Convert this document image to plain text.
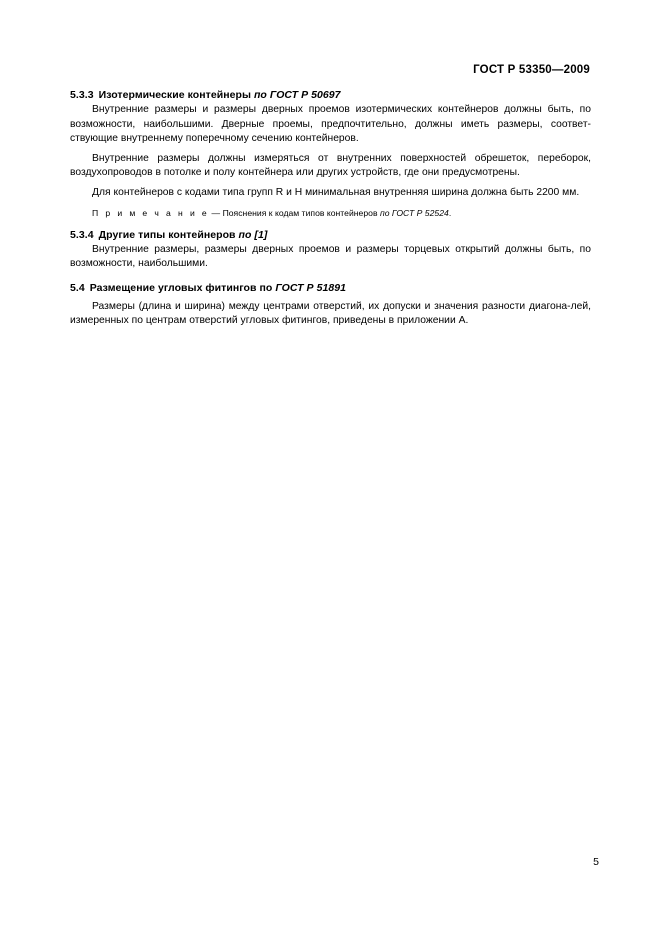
ГОСТ Р 53350—2009
5.3.3 Изотермические контейнеры по ГОСТ Р 50697

Внутренние размеры и размеры дверных проемов изотермических контейнеров должны быть, по возможности, наибольшими. Дверные проемы, предпочтительно, должны иметь размеры, соответ-ствующие внутреннему поперечному сечению контейнеров.

Внутренние размеры должны измеряться от внутренних поверхностей обрешеток, переборок, воздухопроводов в потолке и полу контейнера или других устройств, где они предусмотрены.

Для контейнеров с кодами типа групп R и Н минимальная внутренняя ширина должна быть 2200 мм.

П р и м е ч а н и е — Пояснения к кодам типов контейнеров по ГОСТ Р 52524.

5.3.4 Другие типы контейнеров по [1]

Внутренние размеры, размеры дверных проемов и размеры торцевых открытий должны быть, по возможности, наибольшими.

5.4 Размещение угловых фитингов по ГОСТ Р 51891

Размеры (длина и ширина) между центрами отверстий, их допуски и значения разности диагона-лей, измеренных по центрам отверстий угловых фитингов, приведены в приложении А.

5
